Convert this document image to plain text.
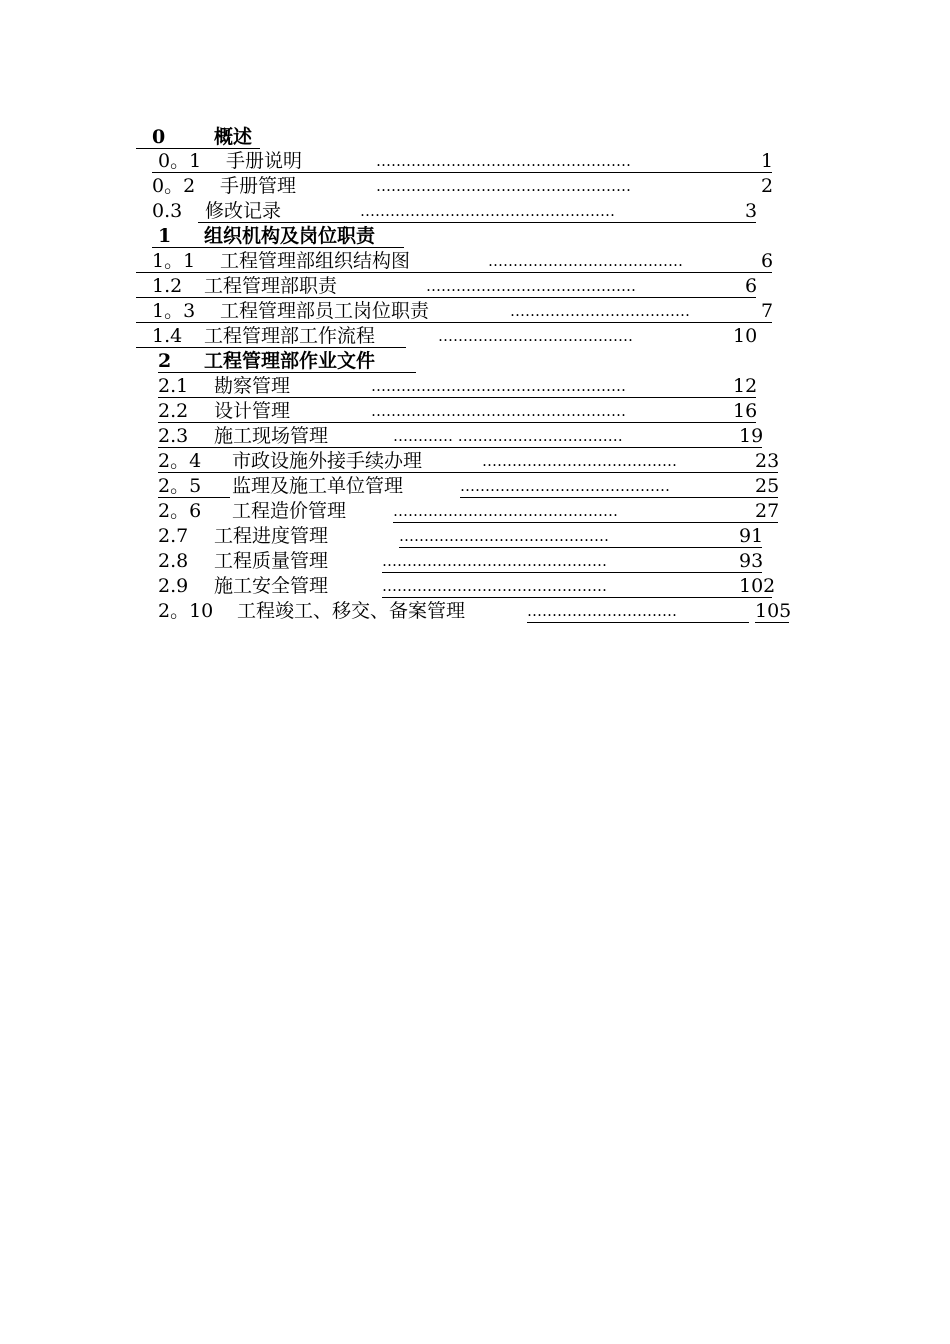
0	概述
0。1 手册说明	……………………………………………	1
0。2 手册管理	……………………………………………	2
0.3 修改记录	……………………………………………	3
1 组织机构及岗位职责
1。1 工程管理部组织结构图	…………………………………	6
1.2 工程管理部职责	……………………………………	6
1。3 工程管理部员工岗位职责	………………………………	7
1.4 工程管理部工作流程	…………………………………	10
2 工程管理部作业文件
2.1 勘察管理	……………………………………………	12
2.2 设计管理	……………………………………………	16
2.3 施工现场管理	………… ……………………………	19
2。4 市政设施外接手续办理	…………………………………	23
2。5 监理及施工单位管理	……………………………………	25
2。6 工程造价管理	………………………………………	27
2.7 工程进度管理	……………………………………	91
2.8 工程质量管理	………………………………………	93
2.9 施工安全管理	………………………………………	102
2。10 工程竣工、移交、备案管理	…………………………	105
